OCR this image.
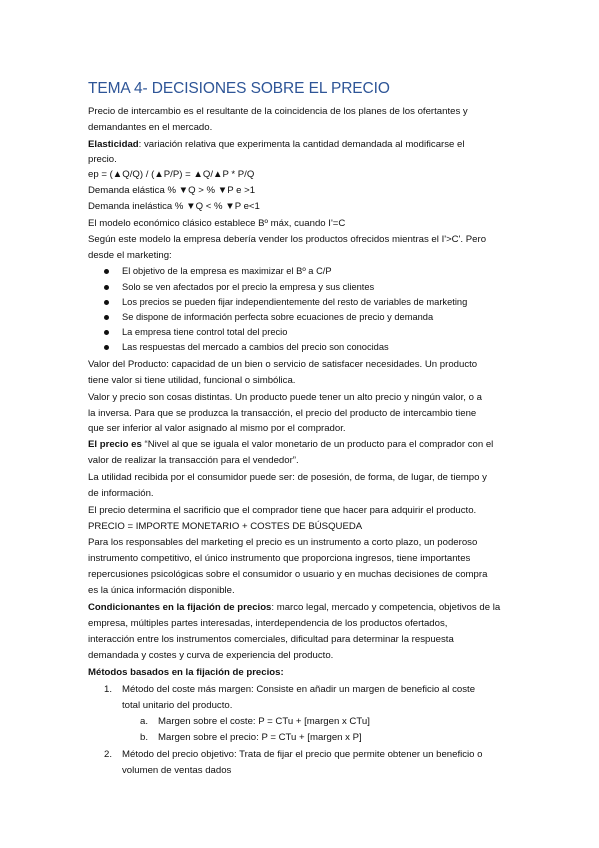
TEMA 4- DECISIONES SOBRE EL PRECIO
Precio de intercambio es el resultante de la coincidencia de los planes de los ofertantes y
demandantes en el mercado.
Elasticidad: variación relativa que experimenta la cantidad demandada al modificarse el
precio.
ep = (▲Q/Q) / (▲P/P) = ▲Q/▲P * P/Q
Demanda elástica % ▼Q > % ▼P e >1
Demanda inelástica % ▼Q < % ▼P e<1
El modelo económico clásico establece Bº máx, cuando I'=C
Según este modelo la empresa debería vender los productos ofrecidos mientras el I'>C'. Pero
desde el marketing:
El objetivo de la empresa es maximizar el Bº a C/P
Solo se ven afectados por el precio la empresa y sus clientes
Los precios se pueden fijar independientemente del resto de variables de marketing
Se dispone de información perfecta sobre ecuaciones de precio y demanda
La empresa tiene control total del precio
Las respuestas del mercado a cambios del precio son conocidas
Valor del Producto: capacidad de un bien o servicio de satisfacer necesidades. Un producto
tiene valor si tiene utilidad, funcional o simbólica.
Valor y precio son cosas distintas. Un producto puede tener un alto precio y ningún valor, o a
la inversa. Para que se produzca la transacción, el precio del producto de intercambio tiene
que ser inferior al valor asignado al mismo por el comprador.
El precio es “Nivel al que se iguala el valor monetario de un producto para el comprador con el
valor de realizar la transacción para el vendedor”.
La utilidad recibida por el consumidor puede ser: de posesión, de forma, de lugar, de tiempo y
de información.
El precio determina el sacrificio que el comprador tiene que hacer para adquirir el producto.
PRECIO = IMPORTE MONETARIO + COSTES DE BÚSQUEDA
Para los responsables del marketing el precio es un instrumento a corto plazo, un poderoso
instrumento competitivo, el único instrumento que proporciona ingresos, tiene importantes
repercusiones psicológicas sobre el consumidor o usuario y en muchas decisiones de compra
es la única información disponible.
Condicionantes en la fijación de precios: marco legal, mercado y competencia, objetivos de la
empresa, múltiples partes interesadas, interdependencia de los productos ofertados,
interacción entre los instrumentos comerciales, dificultad para determinar la respuesta
demandada y costes y curva de experiencia del producto.
Métodos basados en la fijación de precios:
1. Método del coste más margen: Consiste en añadir un margen de beneficio al coste
total unitario del producto.
a. Margen sobre el coste: P = CTu + [margen x CTu]
b. Margen sobre el precio: P = CTu + [margen x P]
2. Método del precio objetivo: Trata de fijar el precio que permite obtener un beneficio o
volumen de ventas dados
